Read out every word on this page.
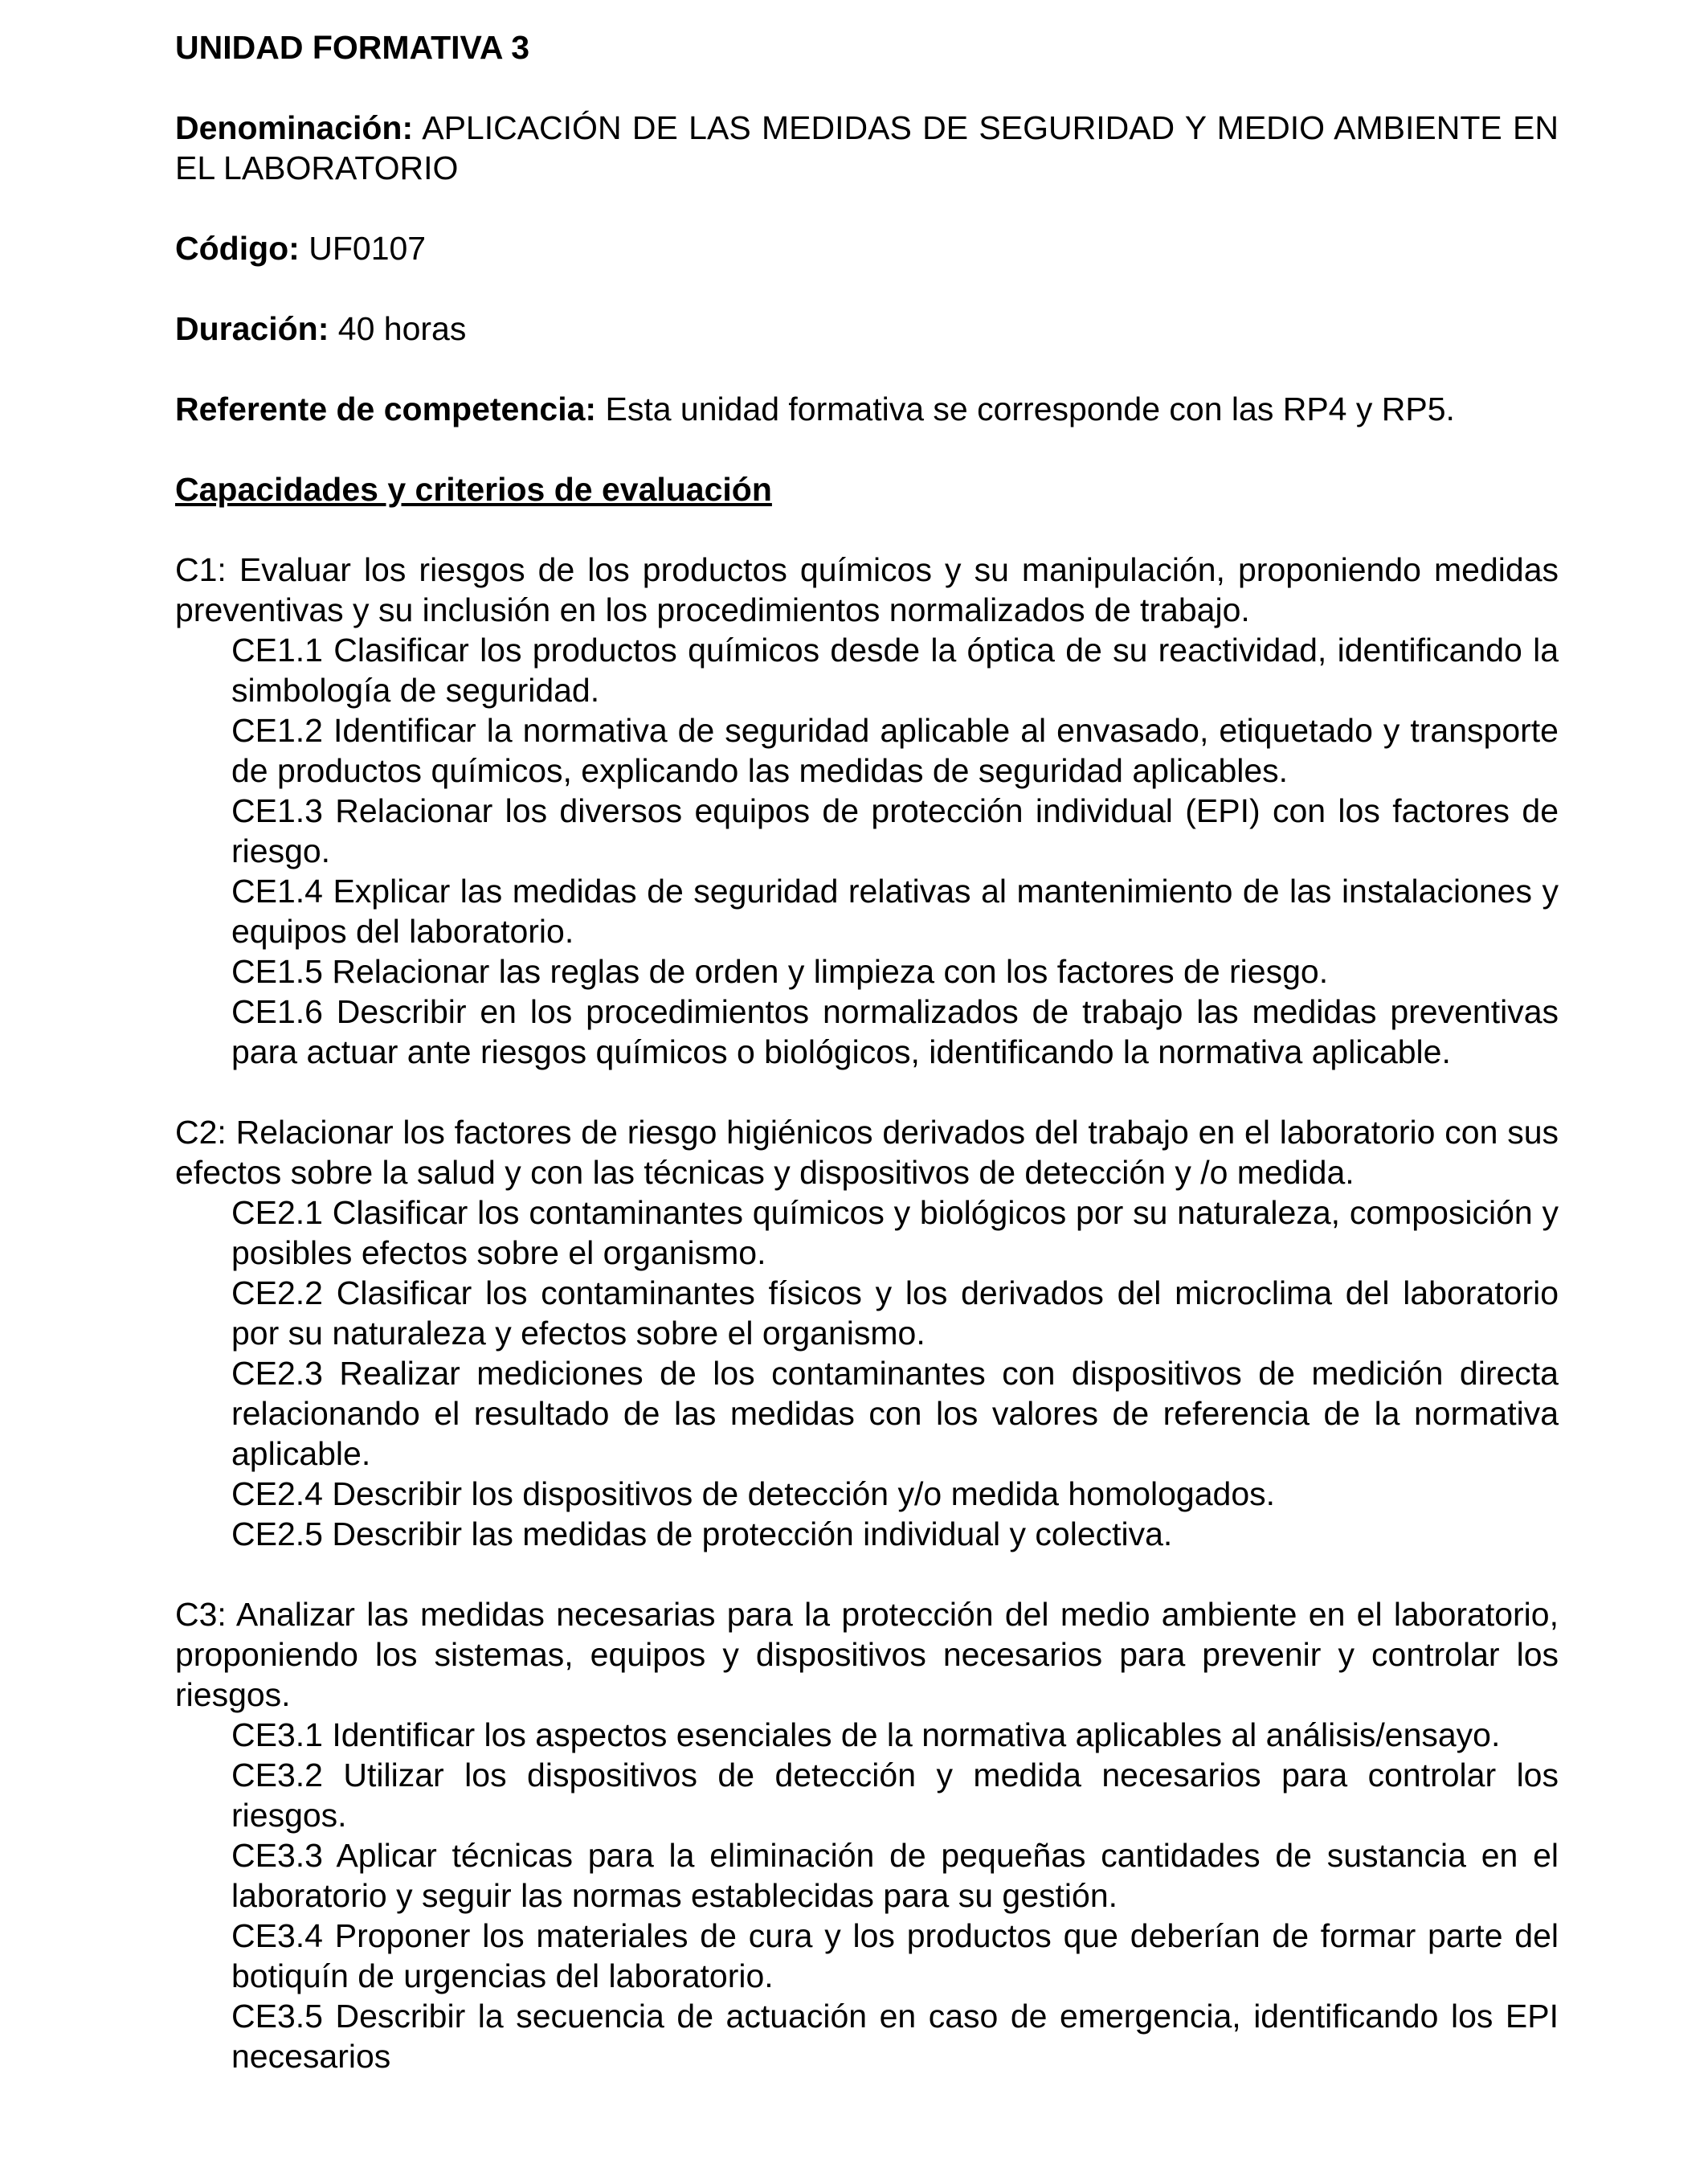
UNIDAD FORMATIVA 3
Denominación: APLICACIÓN DE LAS MEDIDAS DE SEGURIDAD Y MEDIO AMBIENTE EN EL LABORATORIO
Código: UF0107
Duración: 40 horas
Referente de competencia: Esta unidad formativa se corresponde con las RP4 y RP5.
Capacidades y criterios de evaluación
C1: Evaluar los riesgos de los productos químicos y su manipulación, proponiendo medidas preventivas y su inclusión en los procedimientos normalizados de trabajo.
CE1.1 Clasificar los productos químicos desde la óptica de su reactividad, identificando la simbología de seguridad.
CE1.2 Identificar la normativa de seguridad aplicable al envasado, etiquetado y transporte de productos químicos, explicando las medidas de seguridad aplicables.
CE1.3 Relacionar los diversos equipos de protección individual (EPI) con los factores de riesgo.
CE1.4 Explicar las medidas de seguridad relativas al mantenimiento de las instalaciones y equipos del laboratorio.
CE1.5 Relacionar las reglas de orden y limpieza con los factores de riesgo.
CE1.6 Describir en los procedimientos normalizados de trabajo las medidas preventivas para actuar ante riesgos químicos o biológicos, identificando la normativa aplicable.
C2: Relacionar los factores de riesgo higiénicos derivados del trabajo en el laboratorio con sus efectos sobre la salud y con las técnicas y dispositivos de detección y /o medida.
CE2.1 Clasificar los contaminantes químicos y biológicos por su naturaleza, composición y posibles efectos sobre el organismo.
CE2.2 Clasificar los contaminantes físicos y los derivados del microclima del laboratorio por su naturaleza y efectos sobre el organismo.
CE2.3 Realizar mediciones de los contaminantes con dispositivos de medición directa relacionando el resultado de las medidas con los valores de referencia de la normativa aplicable.
CE2.4 Describir los dispositivos de detección y/o medida homologados.
CE2.5 Describir las medidas de protección individual y colectiva.
C3: Analizar las medidas necesarias para la protección del medio ambiente en el laboratorio, proponiendo los sistemas, equipos y dispositivos necesarios para prevenir y controlar los riesgos.
CE3.1 Identificar los aspectos esenciales de la normativa aplicables al análisis/ensayo.
CE3.2 Utilizar los dispositivos de detección y medida necesarios para controlar los riesgos.
CE3.3 Aplicar técnicas para la eliminación de pequeñas cantidades de sustancia en el laboratorio y seguir las normas establecidas para su gestión.
CE3.4 Proponer los materiales de cura y los productos que deberían de formar parte del botiquín de urgencias del laboratorio.
CE3.5 Describir la secuencia de actuación en caso de emergencia, identificando los EPI necesarios
